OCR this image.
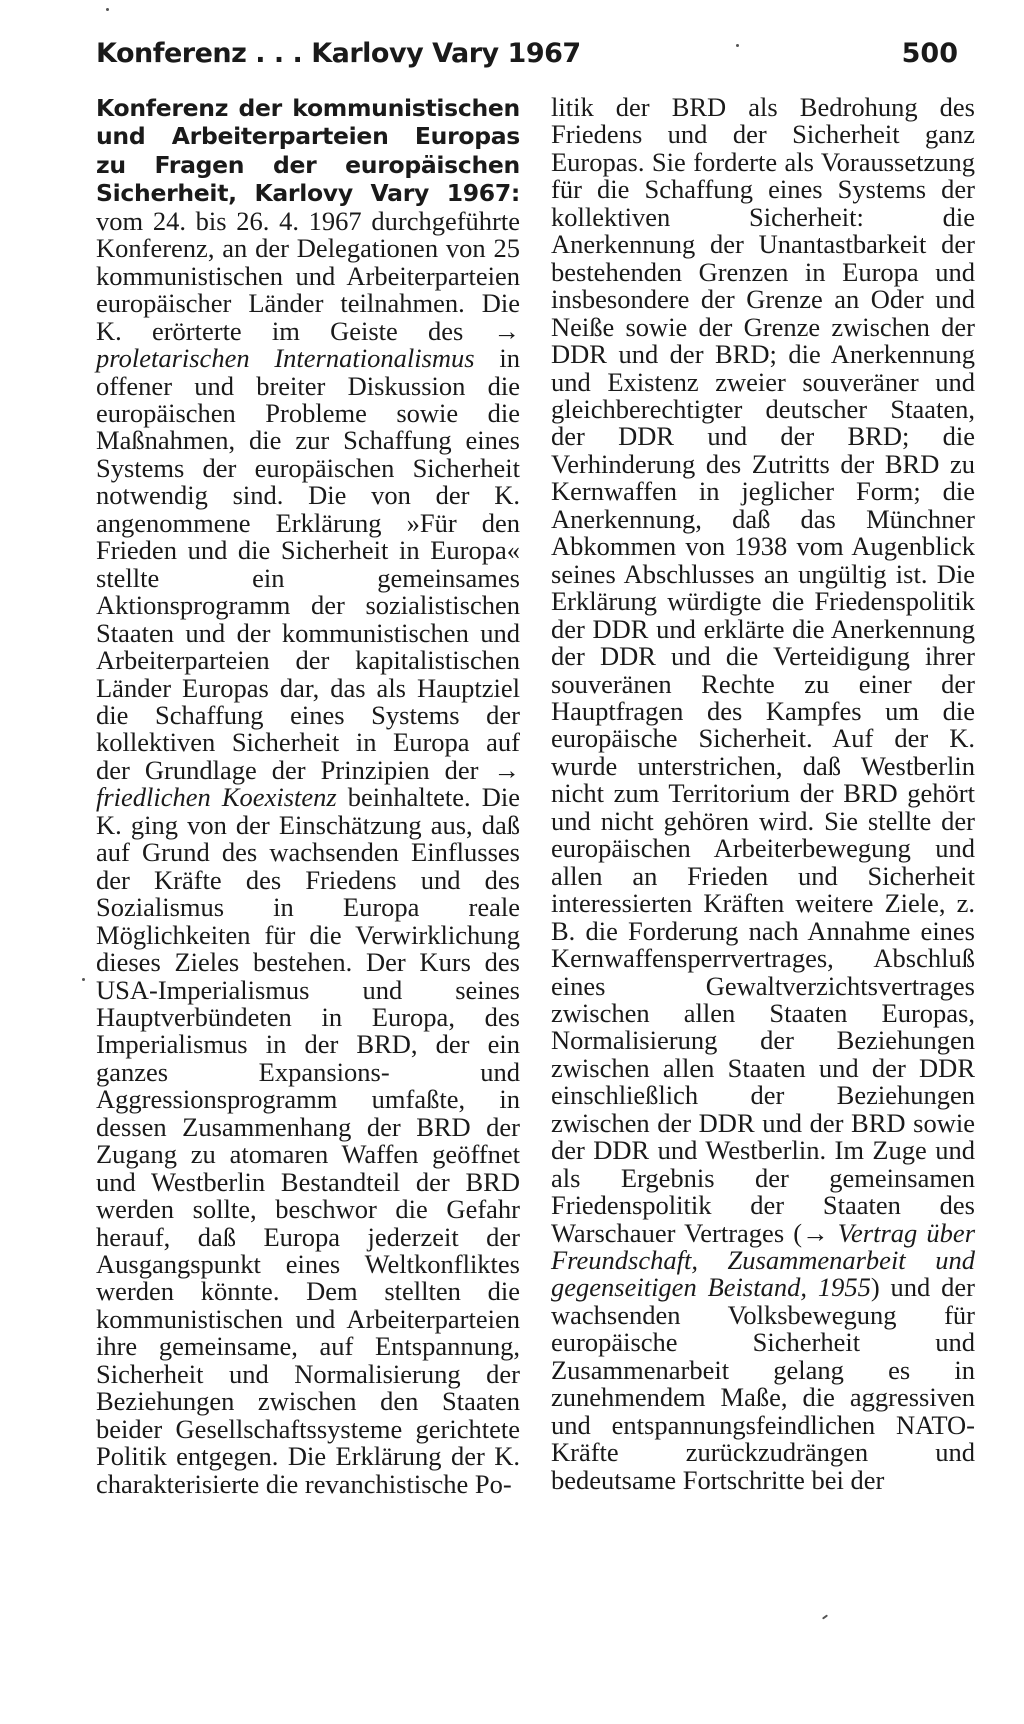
Konferenz . . . Karlovy Vary 1967	500

Konferenz der kommunistischen und Arbeiterparteien Europas zu Fragen der europäischen Sicherheit, Karlovy Vary 1967: vom 24. bis 26. 4. 1967 durchgeführte Konferenz, an der Delegationen von 25 kommunistischen und Arbeiterparteien europäischer Länder teilnahmen. Die K. erörterte im Geiste des → proletarischen Internationalismus in offener und breiter Diskussion die europäischen Probleme sowie die Maßnahmen, die zur Schaffung eines Systems der europäischen Sicherheit notwendig sind. Die von der K. angenommene Erklärung »Für den Frieden und die Sicherheit in Europa« stellte ein gemeinsames Aktionsprogramm der sozialistischen Staaten und der kommunistischen und Arbeiterparteien der kapitalistischen Länder Europas dar, das als Hauptziel die Schaffung eines Systems der kollektiven Sicherheit in Europa auf der Grundlage der Prinzipien der → friedlichen Koexistenz beinhaltete. Die K. ging von der Einschätzung aus, daß auf Grund des wachsenden Einflusses der Kräfte des Friedens und des Sozialismus in Europa reale Möglichkeiten für die Verwirklichung dieses Zieles bestehen. Der Kurs des USA-Imperialismus und seines Hauptverbündeten in Europa, des Imperialismus in der BRD, der ein ganzes Expansions- und Aggressionsprogramm umfaßte, in dessen Zusammenhang der BRD der Zugang zu atomaren Waffen geöffnet und Westberlin Bestandteil der BRD werden sollte, beschwor die Gefahr herauf, daß Europa jederzeit der Ausgangspunkt eines Weltkonfliktes werden könnte. Dem stellten die kommunistischen und Arbeiterparteien ihre gemeinsame, auf Entspannung, Sicherheit und Normalisierung der Beziehungen zwischen den Staaten beider Gesellschaftssysteme gerichtete Politik entgegen. Die Erklärung der K. charakterisierte die revanchistische Po-

litik der BRD als Bedrohung des Friedens und der Sicherheit ganz Europas. Sie forderte als Voraussetzung für die Schaffung eines Systems der kollektiven Sicherheit: die Anerkennung der Unantastbarkeit der bestehenden Grenzen in Europa und insbesondere der Grenze an Oder und Neiße sowie der Grenze zwischen der DDR und der BRD; die Anerkennung und Existenz zweier souveräner und gleichberechtigter deutscher Staaten, der DDR und der BRD; die Verhinderung des Zutritts der BRD zu Kernwaffen in jeglicher Form; die Anerkennung, daß das Münchner Abkommen von 1938 vom Augenblick seines Abschlusses an ungültig ist. Die Erklärung würdigte die Friedenspolitik der DDR und erklärte die Anerkennung der DDR und die Verteidigung ihrer souveränen Rechte zu einer der Hauptfragen des Kampfes um die europäische Sicherheit. Auf der K. wurde unterstrichen, daß Westberlin nicht zum Territorium der BRD gehört und nicht gehören wird. Sie stellte der europäischen Arbeiterbewegung und allen an Frieden und Sicherheit interessierten Kräften weitere Ziele, z. B. die Forderung nach Annahme eines Kernwaffensperrvertrages, Abschluß eines Gewaltverzichtsvertrages zwischen allen Staaten Europas, Normalisierung der Beziehungen zwischen allen Staaten und der DDR einschließlich der Beziehungen zwischen der DDR und der BRD sowie der DDR und Westberlin. Im Zuge und als Ergebnis der gemeinsamen Friedenspolitik der Staaten des Warschauer Vertrages (→ Vertrag über Freundschaft, Zusammenarbeit und gegenseitigen Beistand, 1955) und der wachsenden Volksbewegung für europäische Sicherheit und Zusammenarbeit gelang es in zunehmendem Maße, die aggressiven und entspannungsfeindlichen NATO-Kräfte zurückzudrängen und bedeutsame Fortschritte bei der
